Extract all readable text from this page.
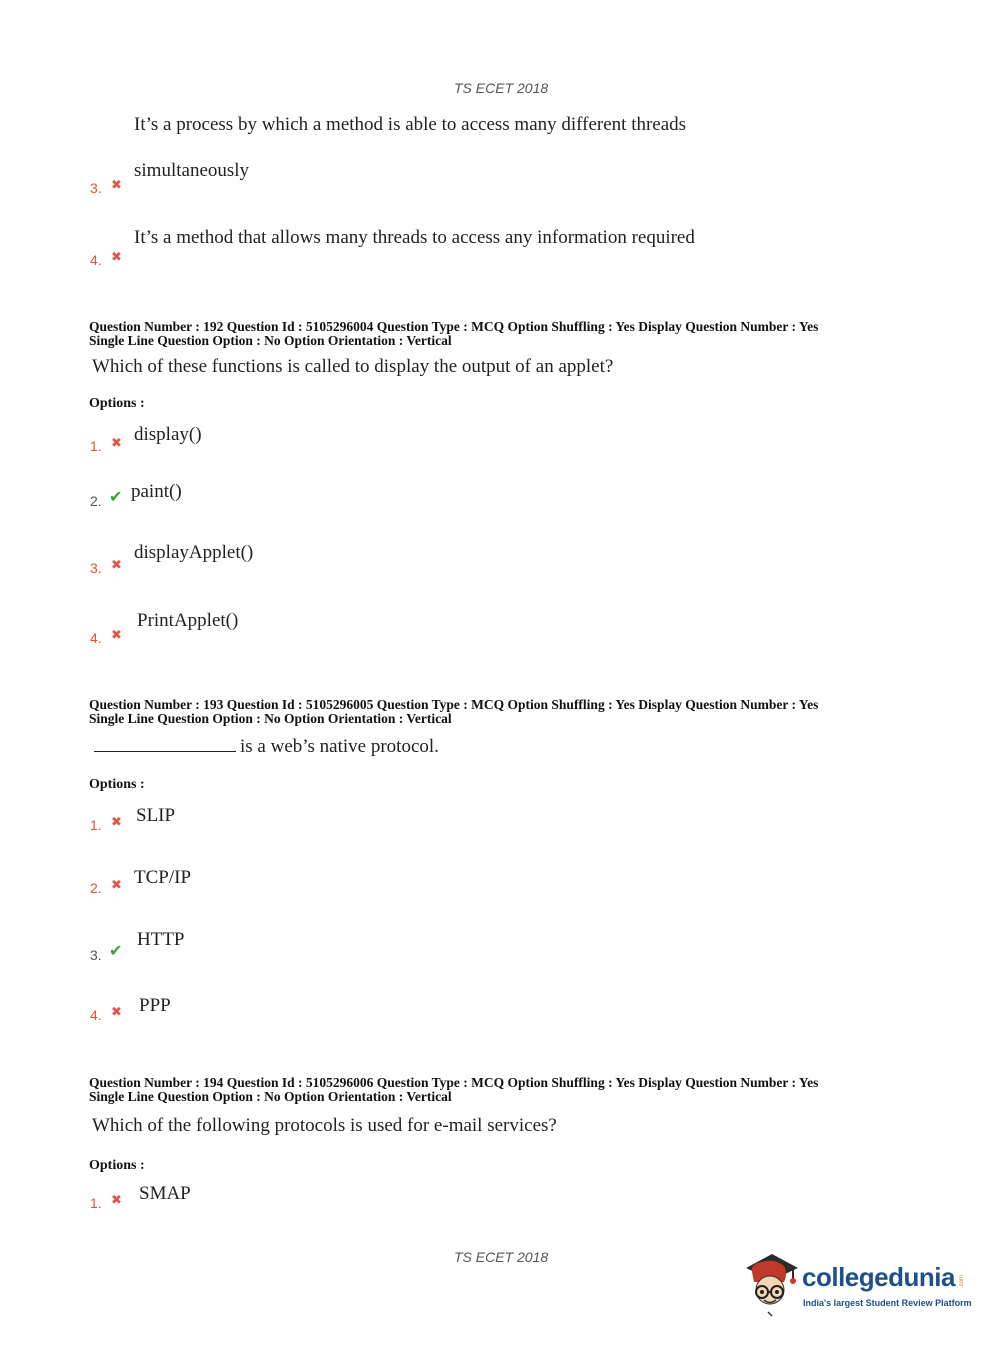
TS ECET 2018
It’s a process by which a method is able to access many different threads
simultaneously
3. ✖
It’s a method that allows many threads to access any information required
4. ✖
Question Number : 192 Question Id : 5105296004 Question Type : MCQ Option Shuffling : Yes Display Question Number : Yes
Single Line Question Option : No Option Orientation : Vertical
Which of these functions is called to display the output of an applet?
Options :
1. ✖ display()
2. ✔ paint()
3. ✖
displayApplet()
4. ✖
PrintApplet()
Question Number : 193 Question Id : 5105296005 Question Type : MCQ Option Shuffling : Yes Display Question Number : Yes
Single Line Question Option : No Option Orientation : Vertical
is a web’s native protocol.
Options :
1. ✖ SLIP
2. ✖ TCP/IP
3. ✔
HTTP
4. ✖ PPP
Question Number : 194 Question Id : 5105296006 Question Type : MCQ Option Shuffling : Yes Display Question Number : Yes
Single Line Question Option : No Option Orientation : Vertical
Which of the following protocols is used for e-mail services?
Options :
1. ✖ SMAP
TS ECET 2018
collegedunia .com
India's largest Student Review Platform
